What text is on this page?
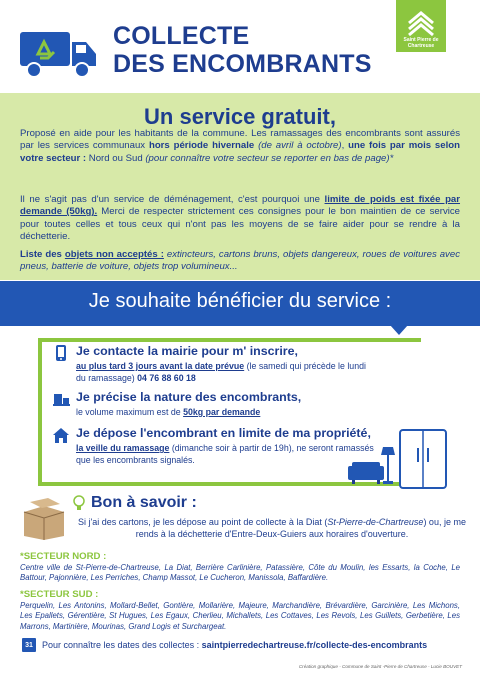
COLLECTE
DES ENCOMBRANTS
Saint Pierre de
Chartreuse
Un service gratuit,
Proposé en aide pour les habitants de la commune. Les ramassages des encombrants sont assurés par les services communaux hors période hivernale (de avril à octobre), une fois par mois selon votre secteur : Nord ou Sud (pour connaître votre secteur se reporter en bas de page)*
Il ne s'agit pas d'un service de déménagement, c'est pourquoi une limite de poids est fixée par demande (50kg). Merci de respecter strictement ces consignes pour le bon maintien de ce service pour toutes celles et tous ceux qui n'ont pas les moyens de se faire aider pour se rendre à la déchetterie.
Liste des objets non acceptés : extincteurs, cartons bruns, objets dangereux, roues de voitures avec pneus, batterie de voiture, objets trop volumineux...
Je souhaite bénéficier du service :
Je contacte la mairie pour m' inscrire,
au plus tard 3 jours avant la date prévue (le samedi qui précède le lundi du ramassage) 04 76 88 60 18
Je précise la nature des encombrants,
le volume maximum est de 50kg par demande
Je dépose l'encombrant en limite de ma propriété,
la veille du ramassage (dimanche soir à partir de 19h), ne seront ramassés que les encombrants signalés.
Bon à savoir :
Si j'ai des cartons, je les dépose au point de collecte à la Diat (St-Pierre-de-Chartreuse) ou, je me rends à la déchetterie d'Entre-Deux-Guiers aux horaires d'ouverture.
*SECTEUR NORD :
Centre ville de St-Pierre-de-Chartreuse, La Diat, Berrière Carlinière, Patassière, Côte du Moulin, les Essarts, la Coche, Le Battour, Pajonnière, Les Perriches, Champ Massot, Le Cucheron, Manissola, Baffardière.
*SECTEUR SUD :
Perquelin, Les Antonins, Mollard-Bellet, Gontière, Mollarière, Majeure, Marchandière, Brévardière, Garcinière, Les Michons, Les Epallets, Gérentière, St Hugues, Les Egaux, Cherlieu, Michallets, Les Cottaves, Les Revols, Les Guillets, Gerbetière, Les Marrons, Martinière, Mourinas, Grand Logis et Surchargeat.
31	Pour connaître les dates des collectes : saintpierredechartreuse.fr/collecte-des-encombrants
Création graphique - Commune de Saint -Pierre de Chartreuse - Lucie BOUVET
